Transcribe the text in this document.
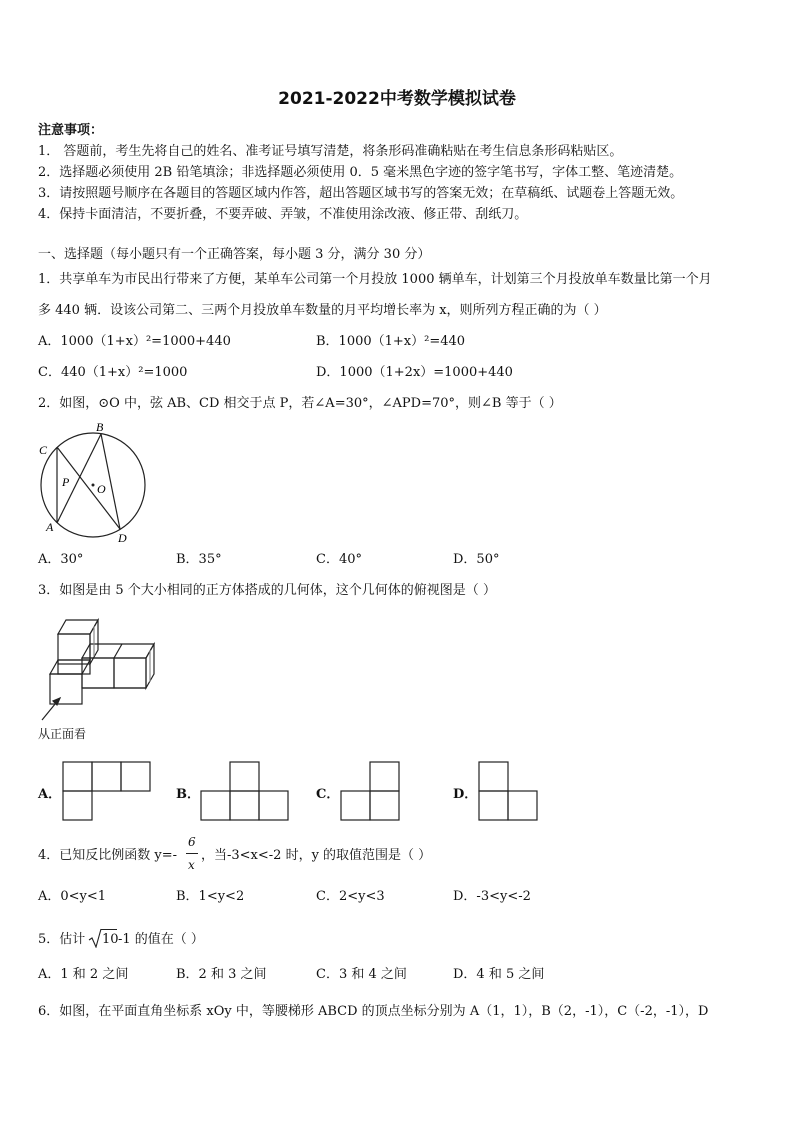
2021-2022中考数学模拟试卷
注意事项：
1． 答题前，考生先将自己的姓名、准考证号填写清楚，将条形码准确粘贴在考生信息条形码粘贴区。
2．选择题必须使用 2B 铅笔填涂；非选择题必须使用 0．5 毫米黑色字迹的签字笔书写，字体工整、笔迹清楚。
3．请按照题号顺序在各题目的答题区域内作答，超出答题区域书写的答案无效；在草稿纸、试题卷上答题无效。
4．保持卡面清洁，不要折叠，不要弄破、弄皱，不准使用涂改液、修正带、刮纸刀。
一、选择题（每小题只有一个正确答案，每小题 3 分，满分 30 分）
1．共享单车为市民出行带来了方便，某单车公司第一个月投放 1000 辆单车，计划第三个月投放单车数量比第一个月
多 440 辆．设该公司第二、三两个月投放单车数量的月平均增长率为 x，则所列方程正确的为（ ）
A．1000（1+x）²=1000+440	B．1000（1+x）²=440
C．440（1+x）²=1000	D．1000（1+2x）=1000+440
2．如图，⊙O 中，弦 AB、CD 相交于点 P，若∠A=30°，∠APD=70°，则∠B 等于（ ）
B
C
P O
A
D
A．30°	B．35°	C．40°	D．50°
3．如图是由 5 个大小相同的正方体搭成的几何体，这个几何体的俯视图是（ ）
从正面看
A．	B．	C．	D．
4．已知反比例函数 y=-
6
x
，当-3<x<-2 时，y 的取值范围是（ ）
A．0<y<1	B．1<y<2	C．2<y<3	D．-3<y<-2
5．估计 10 -1 的值在（ ）
A．1 和 2 之间	B．2 和 3 之间	C．3 和 4 之间	D．4 和 5 之间
6．如图，在平面直角坐标系 xOy 中，等腰梯形 ABCD 的顶点坐标分别为 A（1，1），B（2，-1），C（-2，-1），D
